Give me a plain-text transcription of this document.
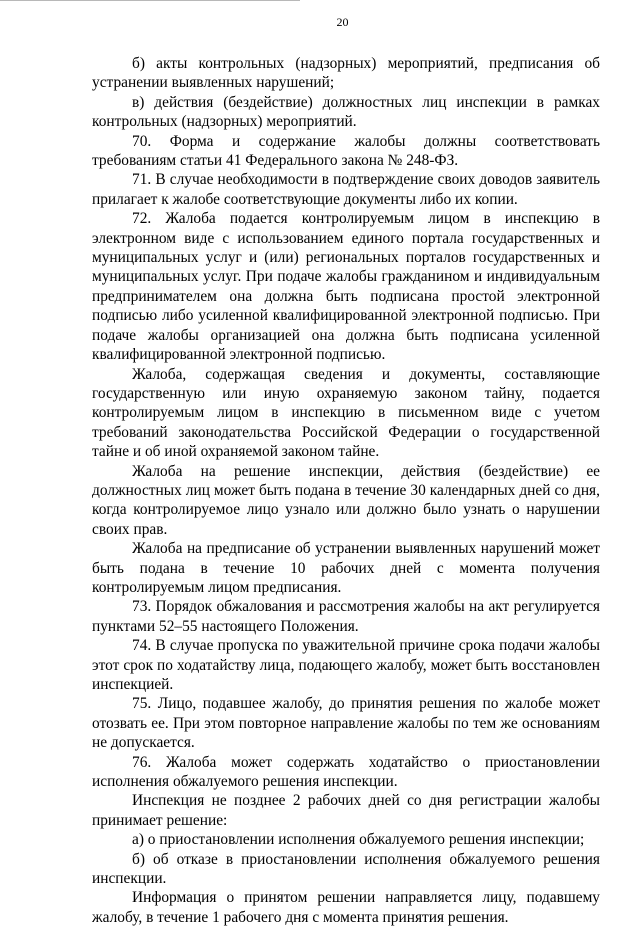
20

б) акты контрольных (надзорных) мероприятий, предписания об устранении выявленных нарушений;

в) действия (бездействие) должностных лиц инспекции в рамках контрольных (надзорных) мероприятий.

70. Форма и содержание жалобы должны соответствовать требованиям статьи 41 Федерального закона № 248-ФЗ.

71. В случае необходимости в подтверждение своих доводов заявитель прилагает к жалобе соответствующие документы либо их копии.

72. Жалоба подается контролируемым лицом в инспекцию в электронном виде с использованием единого портала государственных и муниципальных услуг и (или) региональных порталов государственных и муниципальных услуг. При подаче жалобы гражданином и индивидуальным предпринимателем она должна быть подписана простой электронной подписью либо усиленной квалифицированной электронной подписью. При подаче жалобы организацией она должна быть подписана усиленной квалифицированной электронной подписью.

Жалоба, содержащая сведения и документы, составляющие государственную или иную охраняемую законом тайну, подается контролируемым лицом в инспекцию в письменном виде с учетом требований законодательства Российской Федерации о государственной тайне и об иной охраняемой законом тайне.

Жалоба на решение инспекции, действия (бездействие) ее должностных лиц может быть подана в течение 30 календарных дней со дня, когда контролируемое лицо узнало или должно было узнать о нарушении своих прав.

Жалоба на предписание об устранении выявленных нарушений может быть подана в течение 10 рабочих дней с момента получения контролируемым лицом предписания.

73. Порядок обжалования и рассмотрения жалобы на акт регулируется пунктами 52–55 настоящего Положения.

74. В случае пропуска по уважительной причине срока подачи жалобы этот срок по ходатайству лица, подающего жалобу, может быть восстановлен инспекцией.

75. Лицо, подавшее жалобу, до принятия решения по жалобе может отозвать ее. При этом повторное направление жалобы по тем же основаниям не допускается.

76. Жалоба может содержать ходатайство о приостановлении исполнения обжалуемого решения инспекции.

Инспекция не позднее 2 рабочих дней со дня регистрации жалобы принимает решение:

а) о приостановлении исполнения обжалуемого решения инспекции;

б) об отказе в приостановлении исполнения обжалуемого решения инспекции.

Информация о принятом решении направляется лицу, подавшему жалобу, в течение 1 рабочего дня с момента принятия решения.
